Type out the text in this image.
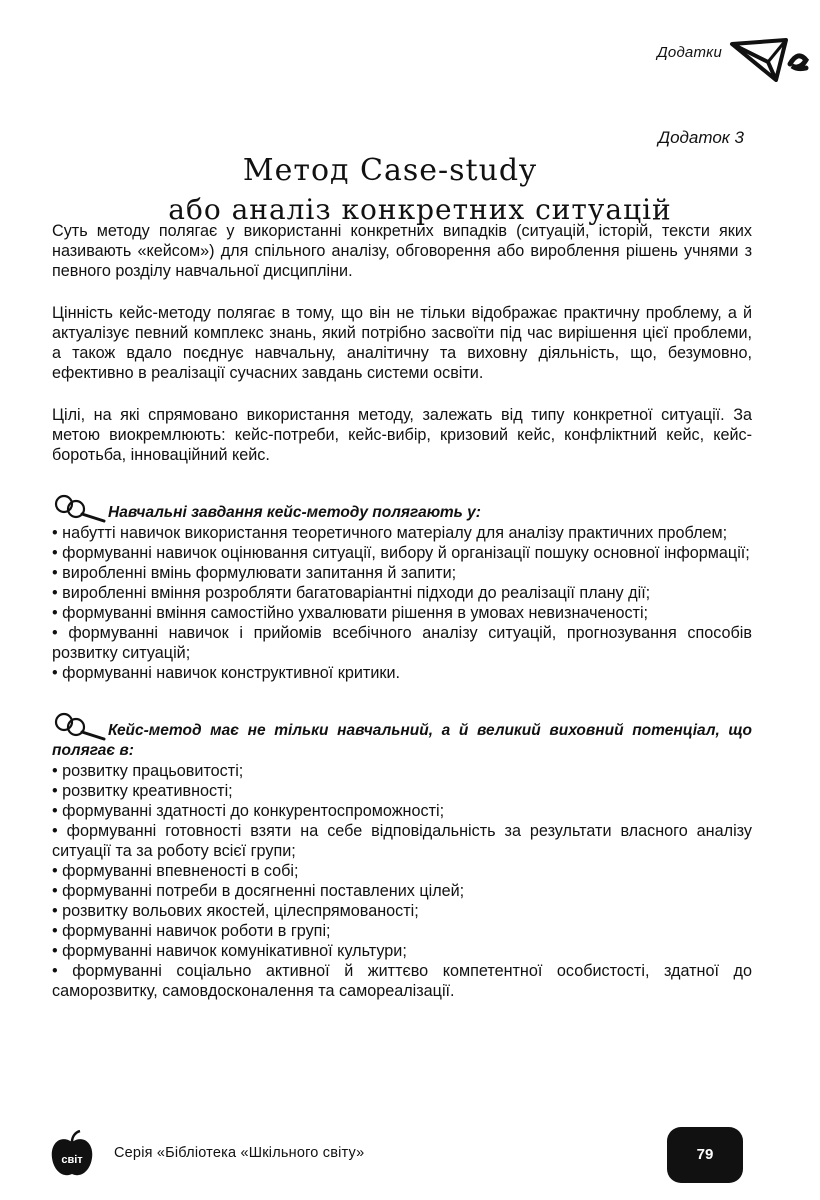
Додатки
Додаток 3
Метод Case-study
або аналіз конкретних ситуацій

Суть методу полягає у використанні конкретних випадків (ситуацій, історій, тексти яких називають «кейсом») для спільного аналізу, обговорення або вироблення рішень учнями з певного розділу навчальної дисципліни.

Цінність кейс-методу полягає в тому, що він не тільки відображає практичну проблему, а й актуалізує певний комплекс знань, який потрібно засвоїти під час вирішення цієї проблеми, а також вдало поєднує навчальну, аналітичну та виховну діяльність, що, безумовно, ефективно в реалізації сучасних завдань системи освіти.

Цілі, на які спрямовано використання методу, залежать від типу конкретної ситуації. За метою виокремлюють: кейс-потреби, кейс-вибір, кризовий кейс, конфліктний кейс, кейс-боротьба, інноваційний кейс.

Навчальні завдання кейс-методу полягають у:
• набутті навичок використання теоретичного матеріалу для аналізу практичних проблем;
• формуванні навичок оцінювання ситуації, вибору й організації пошуку основної інформації;
• виробленні вмінь формулювати запитання й запити;
• виробленні вміння розробляти багатоваріантні підходи до реалізації плану дії;
• формуванні вміння самостійно ухвалювати рішення в умовах невизначеності;
• формуванні навичок і прийомів всебічного аналізу ситуацій, прогнозування способів розвитку ситуацій;
• формуванні навичок конструктивної критики.
Кейс-метод має не тільки навчальний, а й великий виховний потенціал, що полягає в:
• розвитку працьовитості;
• розвитку креативності;
• формуванні здатності до конкурентоспроможності;
• формуванні готовності взяти на себе відповідальність за результати власного аналізу ситуації та за роботу всієї групи;
• формуванні впевненості в собі;
• формуванні потреби в досягненні поставлених цілей;
• розвитку вольових якостей, цілеспрямованості;
• формуванні навичок роботи в групі;
• формуванні навичок комунікативної культури;
• формуванні соціально активної й життєво компетентної особистості, здатної до саморозвитку, самовдосконалення та самореалізації.
світ Серія «Бібліотека «Шкільного світу»	79
